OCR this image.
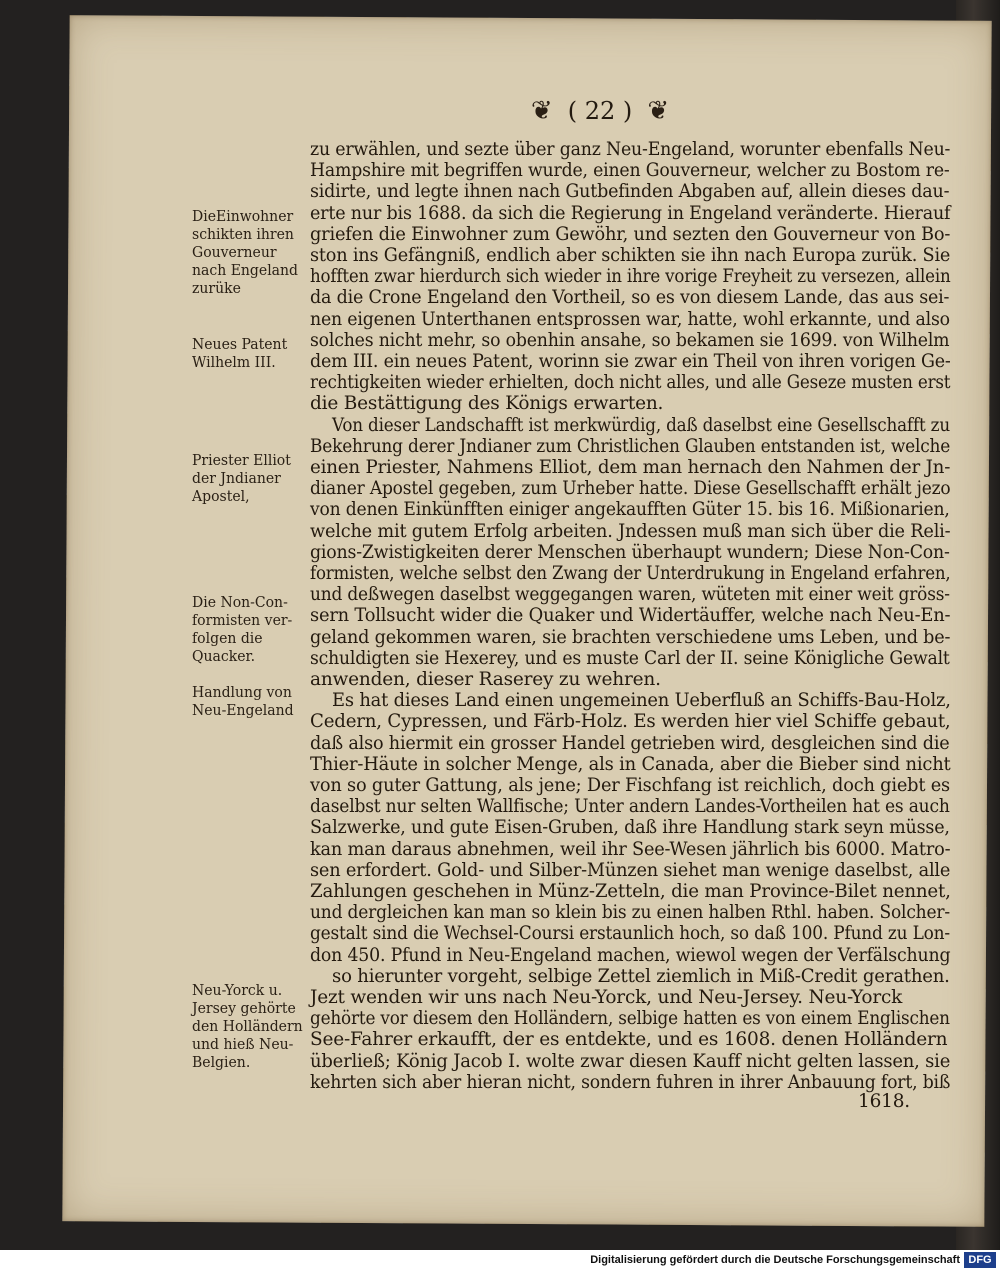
❦ ( 22 ) ❦
DieEinwohner
schikten ihren
Gouverneur
nach Engeland
zurüke
Neues Patent
Wilhelm III.
Priester Elliot
der Jndianer
Apostel,
Die Non-Con-
formisten ver-
folgen die
Quacker.
Handlung von
Neu-Engeland
Neu-Yorck u.
Jersey gehörte
den Holländern
und hieß Neu-
Belgien.
zu erwählen, und sezte über ganz Neu-Engeland, worunter ebenfalls Neu-
Hampshire mit begriffen wurde, einen Gouverneur, welcher zu Bostom re-
sidirte, und legte ihnen nach Gutbefinden Abgaben auf, allein dieses dau-
erte nur bis 1688. da sich die Regierung in Engeland veränderte. Hierauf
griefen die Einwohner zum Gewöhr, und sezten den Gouverneur von Bo-
ston ins Gefängniß, endlich aber schikten sie ihn nach Europa zurük. Sie
hofften zwar hierdurch sich wieder in ihre vorige Freyheit zu versezen, allein
da die Crone Engeland den Vortheil, so es von diesem Lande, das aus sei-
nen eigenen Unterthanen entsprossen war, hatte, wohl erkannte, und also
solches nicht mehr, so obenhin ansahe, so bekamen sie 1699. von Wilhelm
dem III. ein neues Patent, worinn sie zwar ein Theil von ihren vorigen Ge-
rechtigkeiten wieder erhielten, doch nicht alles, und alle Geseze musten erst
die Bestättigung des Königs erwarten.
Von dieser Landschafft ist merkwürdig, daß daselbst eine Gesellschafft zu
Bekehrung derer Jndianer zum Christlichen Glauben entstanden ist, welche
einen Priester, Nahmens Elliot, dem man hernach den Nahmen der Jn-
dianer Apostel gegeben, zum Urheber hatte. Diese Gesellschafft erhält jezo
von denen Einkünfften einiger angekaufften Güter 15. bis 16. Mißionarien,
welche mit gutem Erfolg arbeiten. Jndessen muß man sich über die Reli-
gions-Zwistigkeiten derer Menschen überhaupt wundern; Diese Non-Con-
formisten, welche selbst den Zwang der Unterdrukung in Engeland erfahren,
und deßwegen daselbst weggegangen waren, wüteten mit einer weit gröss-
sern Tollsucht wider die Quaker und Widertäuffer, welche nach Neu-En-
geland gekommen waren, sie brachten verschiedene ums Leben, und be-
schuldigten sie Hexerey, und es muste Carl der II. seine Königliche Gewalt
anwenden, dieser Raserey zu wehren.
Es hat dieses Land einen ungemeinen Ueberfluß an Schiffs-Bau-Holz,
Cedern, Cypressen, und Färb-Holz. Es werden hier viel Schiffe gebaut,
daß also hiermit ein grosser Handel getrieben wird, desgleichen sind die
Thier-Häute in solcher Menge, als in Canada, aber die Bieber sind nicht
von so guter Gattung, als jene; Der Fischfang ist reichlich, doch giebt es
daselbst nur selten Wallfische; Unter andern Landes-Vortheilen hat es auch
Salzwerke, und gute Eisen-Gruben, daß ihre Handlung stark seyn müsse,
kan man daraus abnehmen, weil ihr See-Wesen jährlich bis 6000. Matro-
sen erfordert. Gold- und Silber-Münzen siehet man wenige daselbst, alle
Zahlungen geschehen in Münz-Zetteln, die man Province-Bilet nennet,
und dergleichen kan man so klein bis zu einen halben Rthl. haben. Solcher-
gestalt sind die Wechsel-Coursi erstaunlich hoch, so daß 100. Pfund zu Lon-
don 450. Pfund in Neu-Engeland machen, wiewol wegen der Verfälschung
so hierunter vorgeht, selbige Zettel ziemlich in Miß-Credit gerathen.
Jezt wenden wir uns nach Neu-Yorck, und Neu-Jersey. Neu-Yorck
gehörte vor diesem den Holländern, selbige hatten es von einem Englischen
See-Fahrer erkaufft, der es entdekte, und es 1608. denen Holländern
überließ; König Jacob I. wolte zwar diesen Kauff nicht gelten lassen, sie
kehrten sich aber hieran nicht, sondern fuhren in ihrer Anbauung fort, biß
1618.
Digitalisierung gefördert durch die Deutsche Forschungsgemeinschaft DFG
